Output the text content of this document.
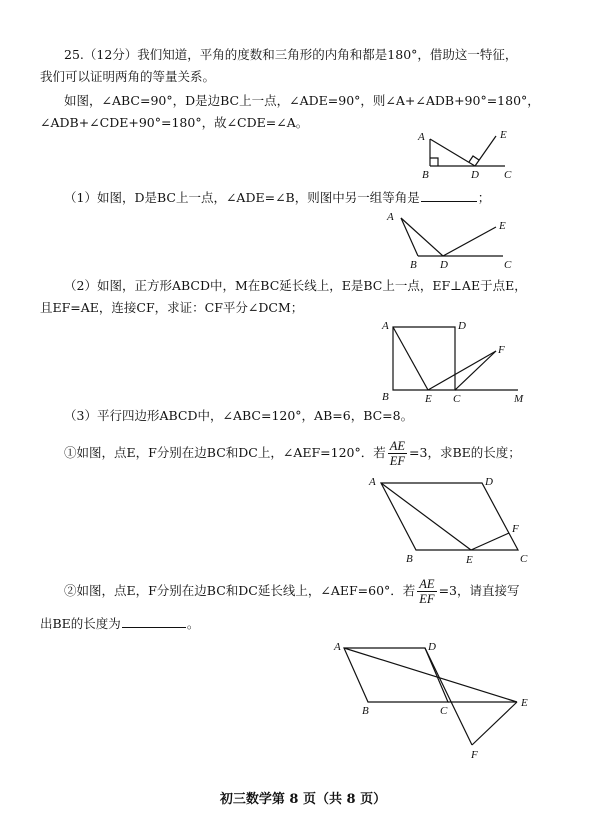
25.（12分）我们知道，平角的度数和三角形的内角和都是180°，借助这一特征，
我们可以证明两角的等量关系。
如图，∠ABC=90°，D是边BC上一点，∠ADE=90°，则∠A+∠ADB+90°=180°，
∠ADB+∠CDE+90°=180°，故∠CDE=∠A。
（1）如图，D是BC上一点，∠ADE=∠B，则图中另一组等角是	；
（2）如图，正方形ABCD中，M在BC延长线上，E是BC上一点，EF⊥AE于点E，
且EF=AE，连接CF，求证：CF平分∠DCM；
（3）平行四边形ABCD中，∠ABC=120°，AB=6，BC=8。
①如图，点E，F分别在边BC和DC上，∠AEF=120°．若 $\frac{AE}{EF} =3$，求BE的长度；
②如图，点E，F分别在边BC和DC延长线上，∠AEF=60°．若 $\frac{AE}{EF} =3$，请直接写
出BE的长度为	。
A
B	D C
E
A
B D	C
E
A	D
F
B	E C	M
A	D
F
B	E	C
A	D
E
B	C
F
初三数学第 8 页（共 8 页）
